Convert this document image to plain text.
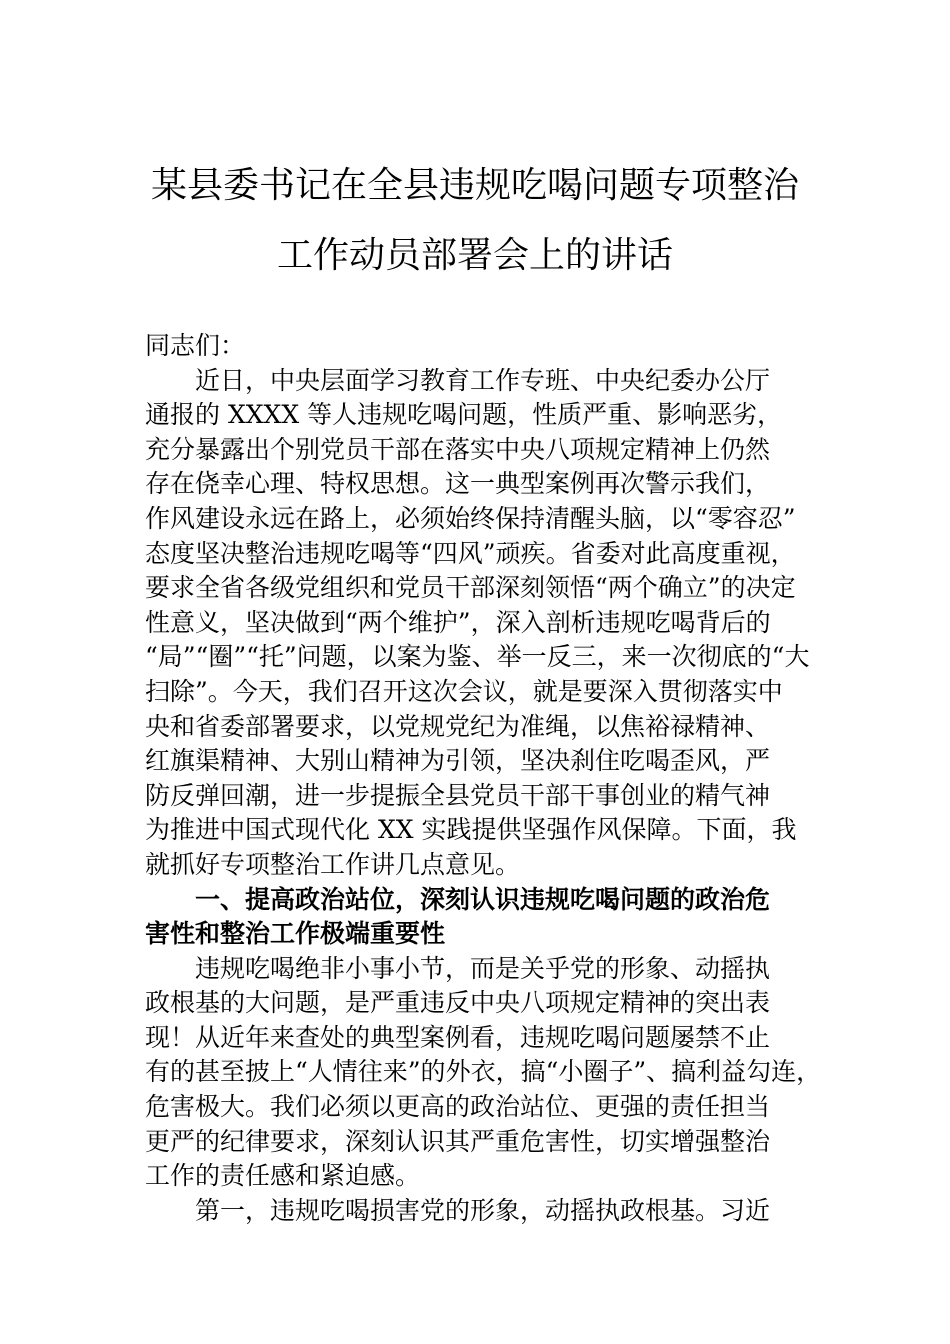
某县委书记在全县违规吃喝问题专项整治
工作动员部署会上的讲话
同志们：
近日，中央层面学习教育工作专班、中央纪委办公厅
通报的 XXXX 等人违规吃喝问题，性质严重、影响恶劣，
充分暴露出个别党员干部在落实中央八项规定精神上仍然
存在侥幸心理、特权思想。这一典型案例再次警示我们，
作风建设永远在路上，必须始终保持清醒头脑，以“零容忍”
态度坚决整治违规吃喝等“四风”顽疾。省委对此高度重视，
要求全省各级党组织和党员干部深刻领悟“两个确立”的决定
性意义，坚决做到“两个维护”，深入剖析违规吃喝背后的
“局”“圈”“托”问题，以案为鉴、举一反三，来一次彻底的“大
扫除”。今天，我们召开这次会议，就是要深入贯彻落实中
央和省委部署要求，以党规党纪为准绳，以焦裕禄精神、
红旗渠精神、大别山精神为引领，坚决刹住吃喝歪风，严
防反弹回潮，进一步提振全县党员干部干事创业的精气神
为推进中国式现代化 XX 实践提供坚强作风保障。下面，我
就抓好专项整治工作讲几点意见。
一、提高政治站位，深刻认识违规吃喝问题的政治危
害性和整治工作极端重要性
违规吃喝绝非小事小节，而是关乎党的形象、动摇执
政根基的大问题，是严重违反中央八项规定精神的突出表
现！从近年来查处的典型案例看，违规吃喝问题屡禁不止
有的甚至披上“人情往来”的外衣，搞“小圈子”、搞利益勾连，
危害极大。我们必须以更高的政治站位、更强的责任担当
更严的纪律要求，深刻认识其严重危害性，切实增强整治
工作的责任感和紧迫感。
第一，违规吃喝损害党的形象，动摇执政根基。习近
